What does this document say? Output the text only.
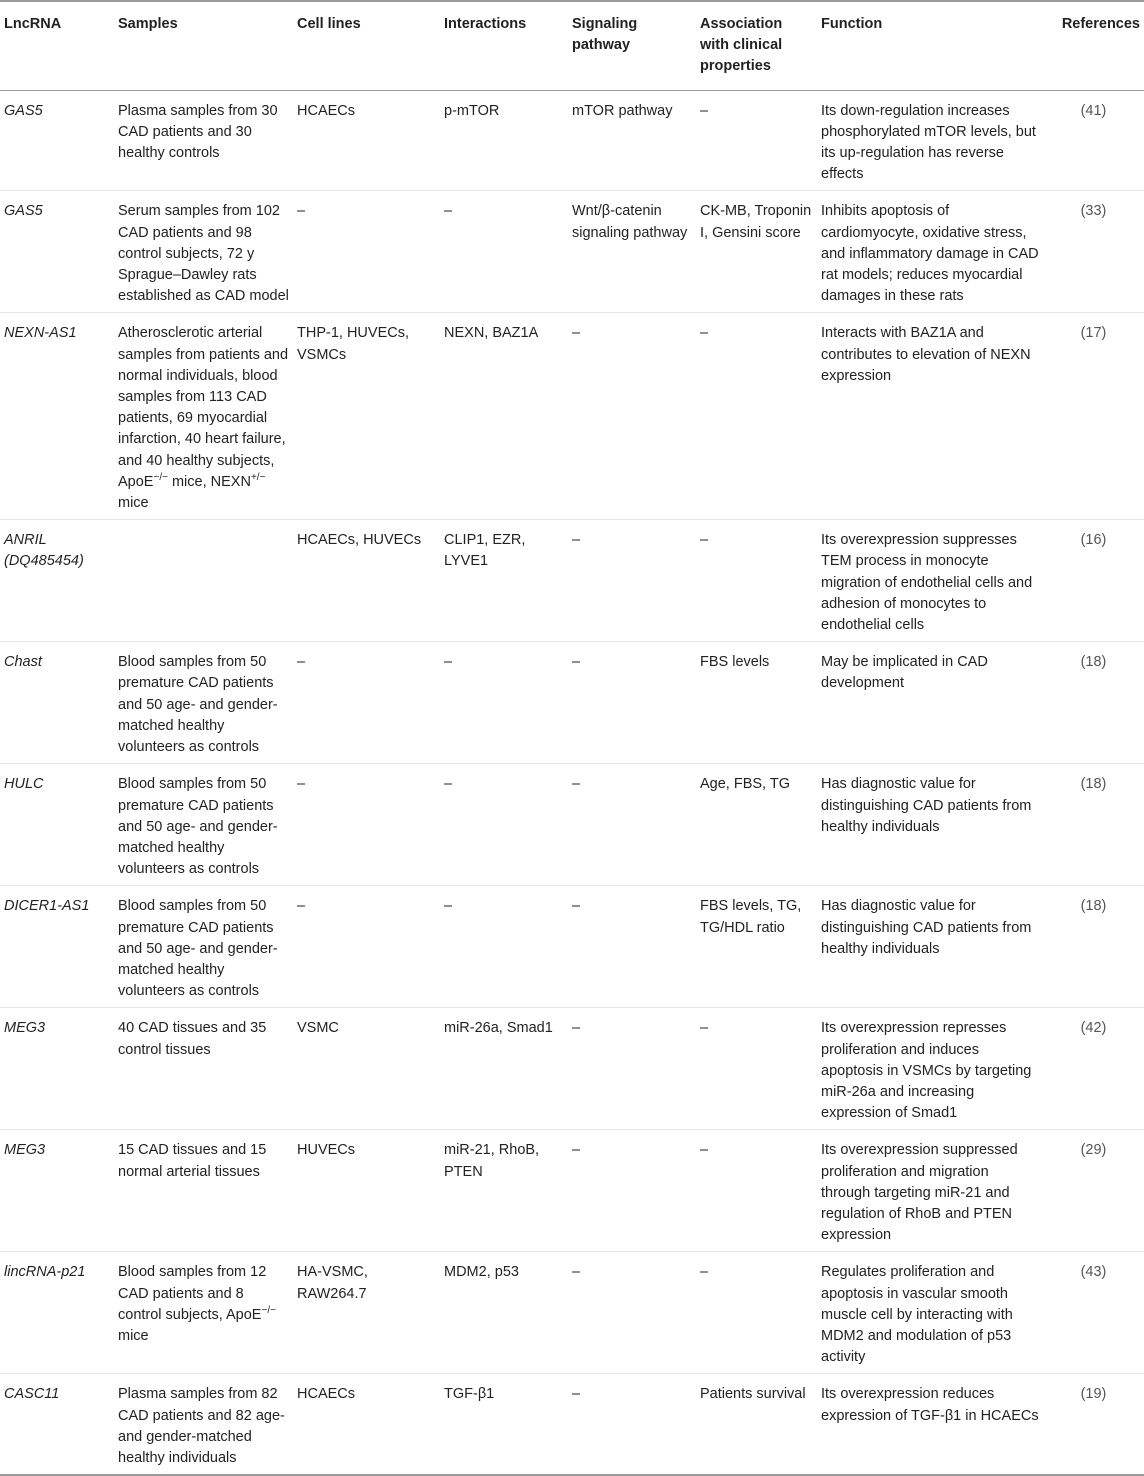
LncRNA	Samples	Cell lines	Interactions	Signaling pathway	Association with clinical properties	Function	References
GAS5	Plasma samples from 30 CAD patients and 30 healthy controls	HCAECs	p-mTOR	mTOR pathway	–	Its down-regulation increases phosphorylated mTOR levels, but its up-regulation has reverse effects	(41)
GAS5	Serum samples from 102 CAD patients and 98 control subjects, 72 y Sprague–Dawley rats established as CAD model	–	–	Wnt/β-catenin signaling pathway	CK-MB, Troponin I, Gensini score	Inhibits apoptosis of cardiomyocyte, oxidative stress, and inflammatory damage in CAD rat models; reduces myocardial damages in these rats	(33)
NEXN-AS1	Atherosclerotic arterial samples from patients and normal individuals, blood samples from 113 CAD patients, 69 myocardial infarction, 40 heart failure, and 40 healthy subjects, ApoE−/− mice, NEXN+/− mice	THP-1, HUVECs, VSMCs	NEXN, BAZ1A	–	–	Interacts with BAZ1A and contributes to elevation of NEXN expression	(17)
ANRIL (DQ485454)		HCAECs, HUVECs	CLIP1, EZR, LYVE1	–	–	Its overexpression suppresses TEM process in monocyte migration of endothelial cells and adhesion of monocytes to endothelial cells	(16)
Chast	Blood samples from 50 premature CAD patients and 50 age- and gender-matched healthy volunteers as controls	–	–	–	FBS levels	May be implicated in CAD development	(18)
HULC	Blood samples from 50 premature CAD patients and 50 age- and gender-matched healthy volunteers as controls	–	–	–	Age, FBS, TG	Has diagnostic value for distinguishing CAD patients from healthy individuals	(18)
DICER1-AS1	Blood samples from 50 premature CAD patients and 50 age- and gender-matched healthy volunteers as controls	–	–	–	FBS levels, TG, TG/HDL ratio	Has diagnostic value for distinguishing CAD patients from healthy individuals	(18)
MEG3	40 CAD tissues and 35 control tissues	VSMC	miR-26a, Smad1	–	–	Its overexpression represses proliferation and induces apoptosis in VSMCs by targeting miR-26a and increasing expression of Smad1	(42)
MEG3	15 CAD tissues and 15 normal arterial tissues	HUVECs	miR-21, RhoB, PTEN	–	–	Its overexpression suppressed proliferation and migration through targeting miR-21 and regulation of RhoB and PTEN expression	(29)
lincRNA-p21	Blood samples from 12 CAD patients and 8 control subjects, ApoE−/− mice	HA-VSMC, RAW264.7	MDM2, p53	–	–	Regulates proliferation and apoptosis in vascular smooth muscle cell by interacting with MDM2 and modulation of p53 activity	(43)
CASC11	Plasma samples from 82 CAD patients and 82 age- and gender-matched healthy individuals	HCAECs	TGF-β1	–	Patients survival	Its overexpression reduces expression of TGF-β1 in HCAECs	(19)
